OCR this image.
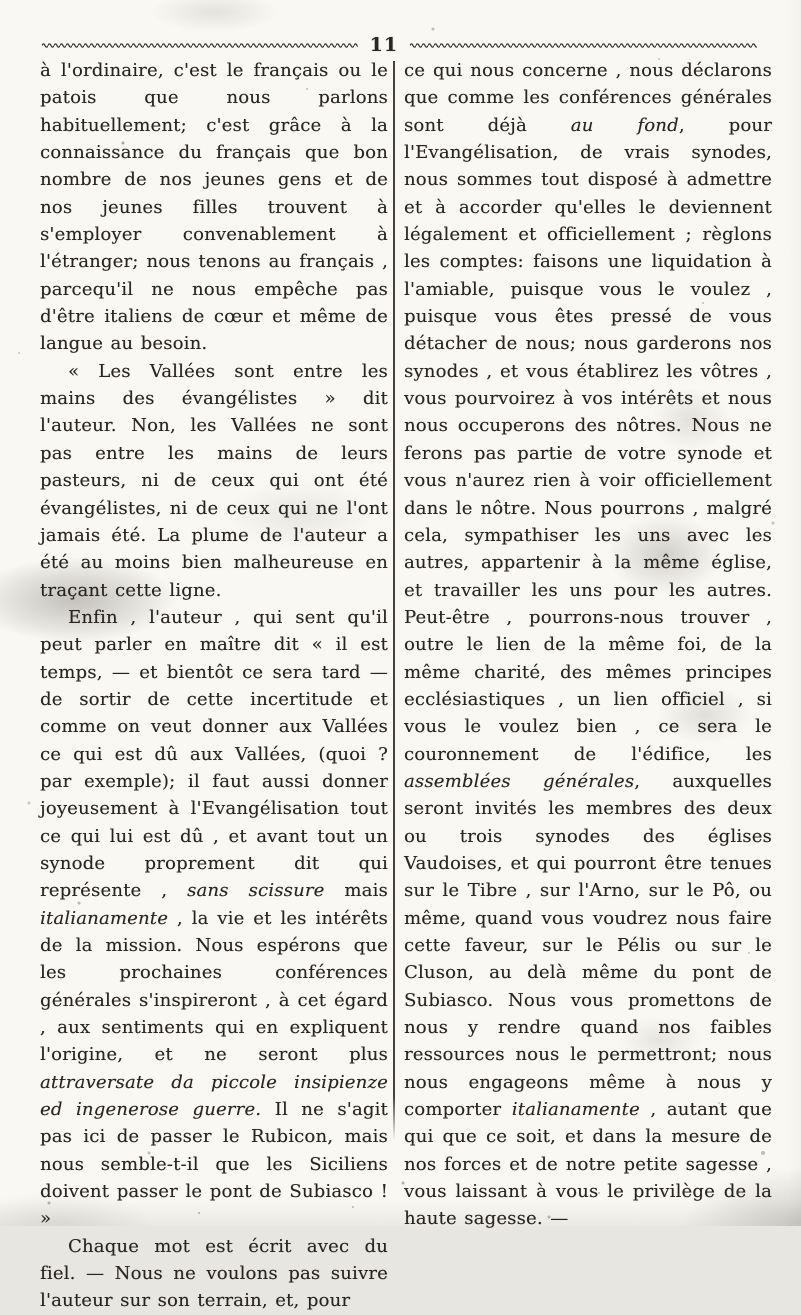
11

à l'ordinaire, c'est le français ou le patois que nous parlons habituellement; c'est grâce à la connaissance du français que bon nombre de nos jeunes gens et de nos jeunes filles trouvent à s'employer convenablement à l'étranger; nous tenons au français , parcequ'il ne nous empêche pas d'être italiens de cœur et même de langue au besoin.

« Les Vallées sont entre les mains des évangélistes » dit l'auteur. Non, les Vallées ne sont pas entre les mains de leurs pasteurs, ni de ceux qui ont été évangélistes, ni de ceux qui ne l'ont jamais été. La plume de l'auteur a été au moins bien malheureuse en traçant cette ligne.

Enfin , l'auteur , qui sent qu'il peut parler en maître dit « il est temps, — et bientôt ce sera tard — de sortir de cette incertitude et comme on veut donner aux Vallées ce qui est dû aux Vallées, (quoi ? par exemple); il faut aussi donner joyeusement à l'Evangélisation tout ce qui lui est dû , et avant tout un synode proprement dit qui représente , sans scissure mais italianamente , la vie et les intérêts de la mission. Nous espérons que les prochaines conférences générales s'inspireront , à cet égard , aux sentiments qui en expliquent l'origine, et ne seront plus attraversate da piccole insipienze ed ingenerose guerre. Il ne s'agit pas ici de passer le Rubicon, mais nous semble-t-il que les Siciliens doivent passer le pont de Subiasco ! »

Chaque mot est écrit avec du fiel. — Nous ne voulons pas suivre l'auteur sur son terrain, et, pour

ce qui nous concerne , nous déclarons que comme les conférences générales sont déjà au fond, pour l'Evangélisation, de vrais synodes, nous sommes tout disposé à admettre et à accorder qu'elles le deviennent légalement et officiellement ; règlons les comptes: faisons une liquidation à l'amiable, puisque vous le voulez , puisque vous êtes pressé de vous détacher de nous; nous garderons nos synodes , et vous établirez les vôtres , vous pourvoirez à vos intérêts et nous nous occuperons des nôtres. Nous ne ferons pas partie de votre synode et vous n'aurez rien à voir officiellement dans le nôtre. Nous pourrons , malgré cela, sympathiser les uns avec les autres, appartenir à la même église, et travailler les uns pour les autres. Peut-être , pourrons-nous trouver , outre le lien de la même foi, de la même charité, des mêmes principes ecclésiastiques , un lien officiel , si vous le voulez bien , ce sera le couronnement de l'édifice, les assemblées générales, auxquelles seront invités les membres des deux ou trois synodes des églises Vaudoises, et qui pourront être tenues sur le Tibre , sur l'Arno, sur le Pô, ou même, quand vous voudrez nous faire cette faveur, sur le Pélis ou sur le Cluson, au delà même du pont de Subiasco. Nous vous promettons de nous y rendre quand nos faibles ressources nous le permettront; nous nous engageons même à nous y comporter italianamente , autant que qui que ce soit, et dans la mesure de nos forces et de notre petite sagesse , vous laissant à vous le privilège de la haute sagesse. —
